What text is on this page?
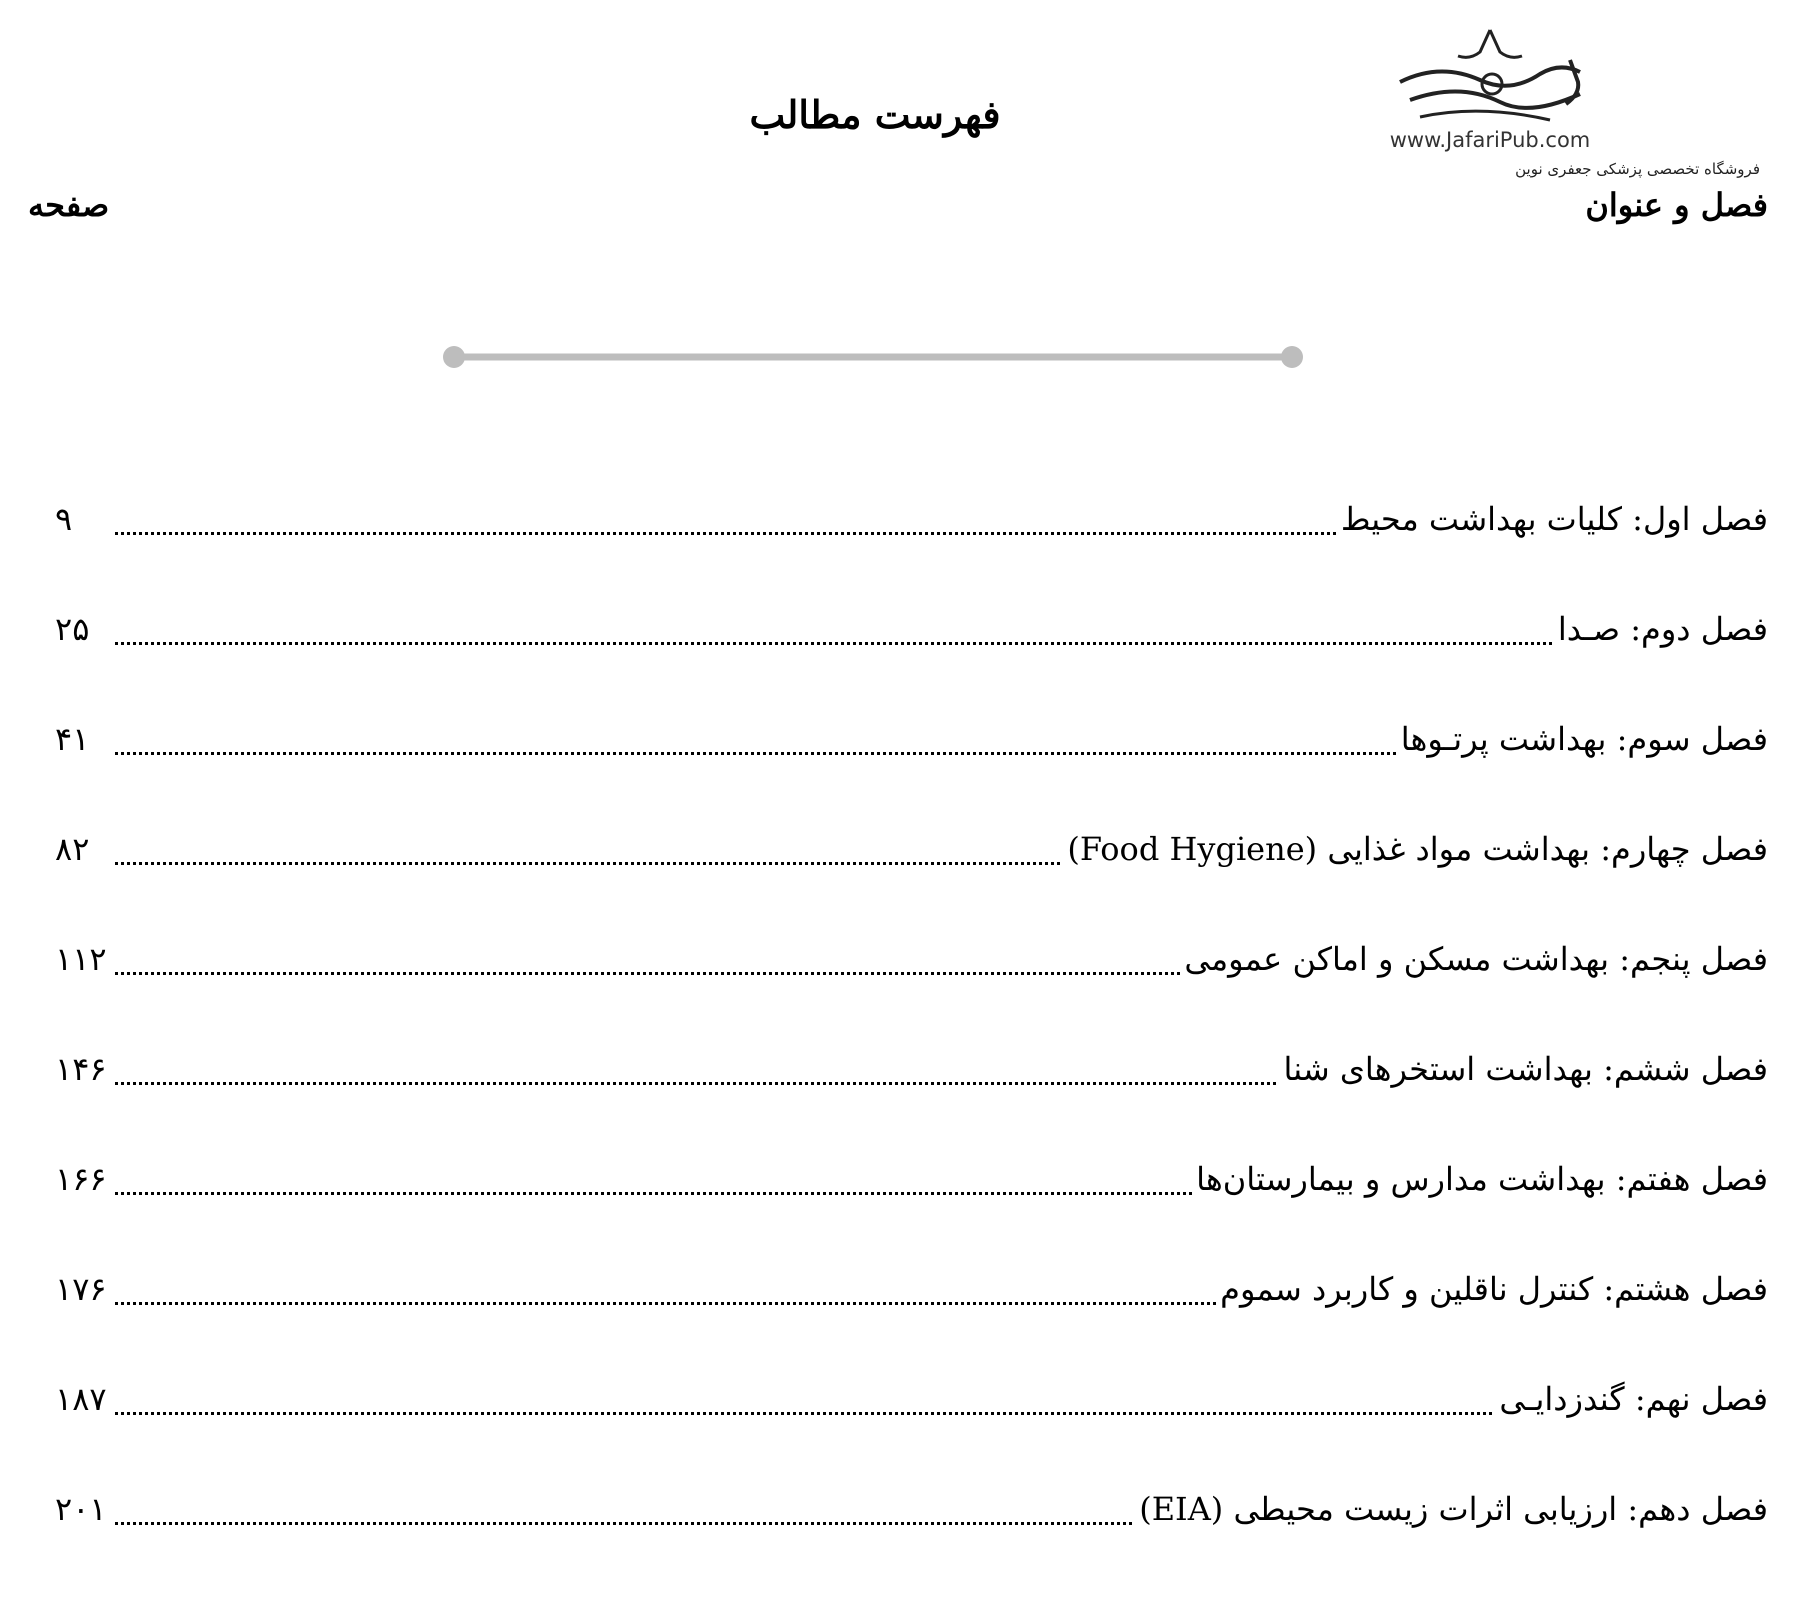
www.JafariPub.com
فروشگاه تخصصی پزشکی جعفری نوین
فهرست مطالب
فصل و عنوان
صفحه
فصل اول: کلیات بهداشت محیط
۹
فصل دوم: صـدا
۲۵
فصل سوم: بهداشت پرتـوها
۴۱
فصل چهارم: بهداشت مواد غذایی (Food Hygiene)
۸۲
فصل پنجم: بهداشت مسکن و اماکن عمومی
۱۱۲
فصل ششم: بهداشت استخرهای شنا
۱۴۶
فصل هفتم: بهداشت مدارس و بیمارستان‌ها
۱۶۶
فصل هشتم: کنترل ناقلین و کاربرد سموم
۱۷۶
فصل نهم: گندزدایـی
۱۸۷
فصل دهم: ارزیابی اثرات زیست محیطی (EIA)
۲۰۱
